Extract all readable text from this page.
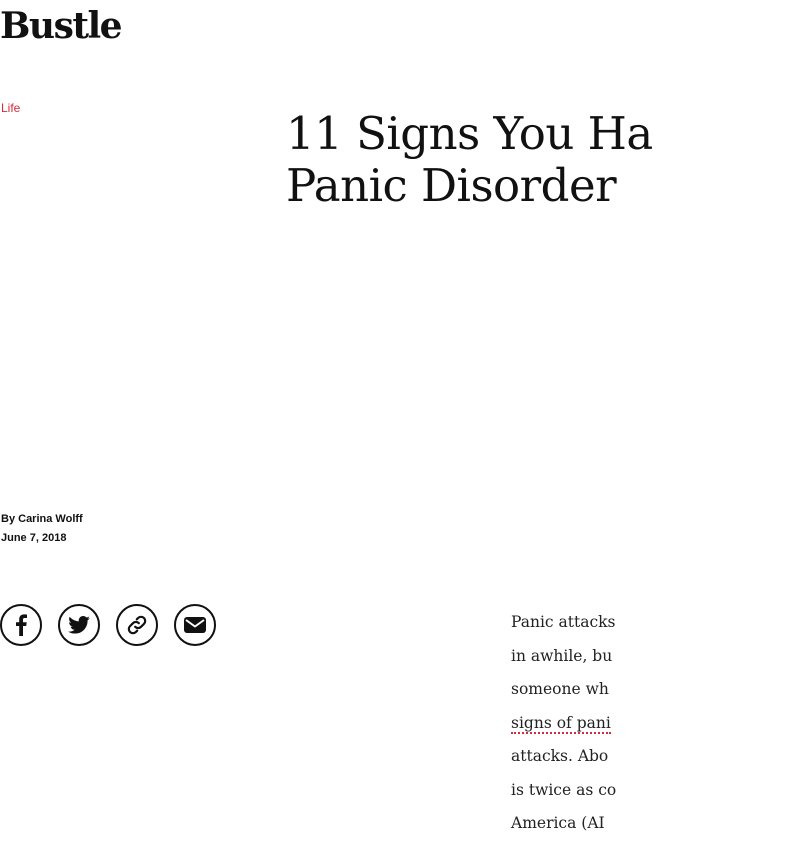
Bustle
Life	11 Signs You Ha
Panic Disorder
By Carina Wolff
June 7, 2018

Panic attacks
in awhile, bu
someone wh
signs of pani
attacks. Abo
is twice as co
America (AI
